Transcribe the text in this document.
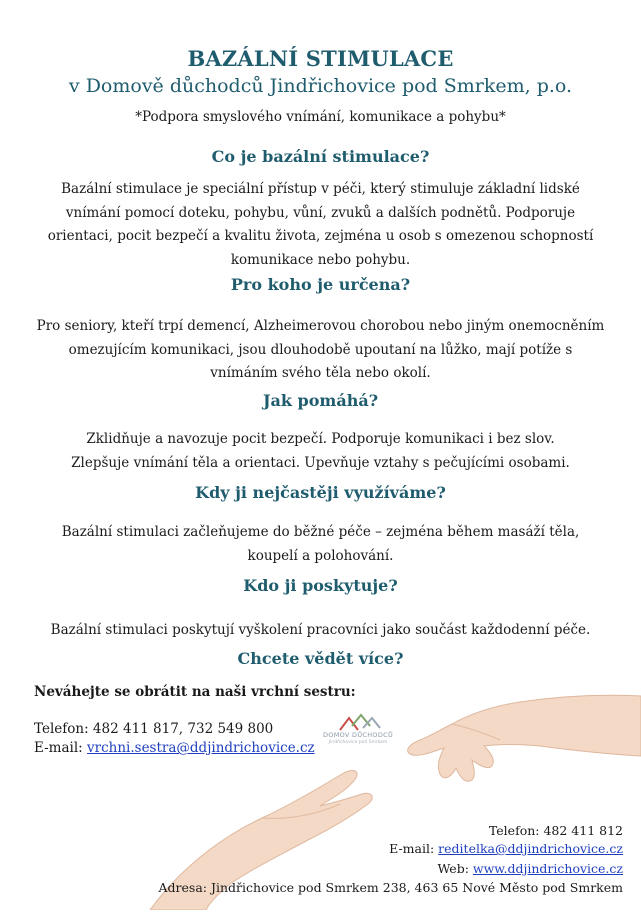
DOMOV DŮCHODCŮ
Jindřichovice pod Smrkem
BAZÁLNÍ STIMULACE
v Domově důchodců Jindřichovice pod Smrkem, p.o.
*Podpora smyslového vnímání, komunikace a pohybu*
Co je bazální stimulace?
Bazální stimulace je speciální přístup v péči, který stimuluje základní lidské vnímání pomocí doteku, pohybu, vůní, zvuků a dalších podnětů. Podporuje orientaci, pocit bezpečí a kvalitu života, zejména u osob s omezenou schopností komunikace nebo pohybu.
Pro koho je určena?
Pro seniory, kteří trpí demencí, Alzheimerovou chorobou nebo jiným onemocněním omezujícím komunikaci, jsou dlouhodobě upoutaní na lůžko, mají potíže s vnímáním svého těla nebo okolí.
Jak pomáhá?
Zklidňuje a navozuje pocit bezpečí. Podporuje komunikaci i bez slov. Zlepšuje vnímání těla a orientaci. Upevňuje vztahy s pečujícími osobami.
Kdy ji nejčastěji využíváme?
Bazální stimulaci začleňujeme do běžné péče – zejména během masáží těla, koupelí a polohování.
Kdo ji poskytuje?
Bazální stimulaci poskytují vyškolení pracovníci jako součást každodenní péče.
Chcete vědět více?
Neváhejte se obrátit na naši vrchní sestru:
Telefon: 482 411 817, 732 549 800
E-mail: vrchni.sestra@ddjindrichovice.cz
Telefon: 482 411 812
E-mail: reditelka@ddjindrichovice.cz
Web: www.ddjindrichovice.cz
Adresa: Jindřichovice pod Smrkem 238, 463 65 Nové Město pod Smrkem
